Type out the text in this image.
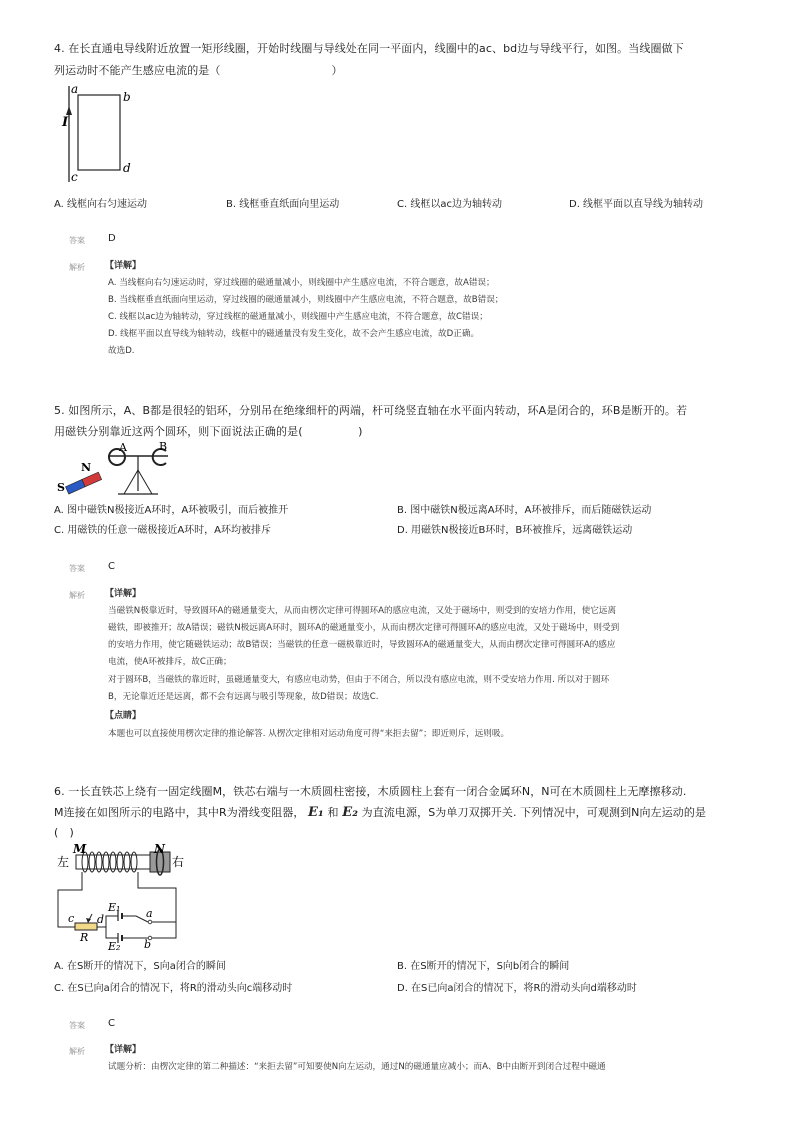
4. 在长直通电导线附近放置一矩形线圈，开始时线圈与导线处在同一平面内，线圈中的ac、bd边与导线平行，如图。当线圈做下
列运动时不能产生感应电流的是（　　　　　　　　　　）
I
a
b
c
d
A. 线框向右匀速运动	B. 线框垂直纸面向里运动	C. 线框以ac边为轴转动	D. 线框平面以直导线为轴转动
答案 D
解析 【详解】
A. 当线框向右匀速运动时，穿过线圈的磁通量减小，则线圈中产生感应电流，不符合题意，故A错误；
B. 当线框垂直纸面向里运动，穿过线圈的磁通量减小，则线圈中产生感应电流，不符合题意，故B错误；
C. 线框以ac边为轴转动，穿过线框的磁通量减小，则线圈中产生感应电流，不符合题意，故C错误；
D. 线框平面以直导线为轴转动，线框中的磁通量没有发生变化，故不会产生感应电流，故D正确。
故选D.
5. 如图所示，A、B都是很轻的铝环，分别吊在绝缘细杆的两端，杆可绕竖直轴在水平面内转动，环A是闭合的，环B是断开的。若
用磁铁分别靠近这两个圆环，则下面说法正确的是(　　　　　)
S
N
A	B
A. 图中磁铁N极接近A环时，A环被吸引，而后被推开	B. 图中磁铁N极远离A环时，A环被排斥，而后随磁铁运动
C. 用磁铁的任意一磁极接近A环时，A环均被排斥	D. 用磁铁N极接近B环时，B环被推斥，远离磁铁运动
答案 C
解析 【详解】
当磁铁N极靠近时，导致圆环A的磁通量变大，从而由楞次定律可得圆环A的感应电流，又处于磁场中，则受到的安培力作用，使它远离
磁铁，即被推开；故A错误；磁铁N极远离A环时，圆环A的磁通量变小，从而由楞次定律可得圆环A的感应电流，又处于磁场中，则受到
的安培力作用，使它随磁铁运动；故B错误；当磁铁的任意一磁极靠近时，导致圆环A的磁通量变大，从而由楞次定律可得圆环A的感应
电流，使A环被排斥，故C正确；
对于圆环B，当磁铁的靠近时，虽磁通量变大，有感应电动势，但由于不闭合，所以没有感应电流，则不受安培力作用. 所以对于圆环
B，无论靠近还是远离，都不会有远离与吸引等现象，故D错误；故选C.
【点睛】
本题也可以直接使用楞次定律的推论解答. 从楞次定律相对运动角度可得“来拒去留”；即近则斥，远则吸。
6. 一长直铁芯上绕有一固定线圈M，铁芯右端与一木质圆柱密接，木质圆柱上套有一闭合金属环N，N可在木质圆柱上无摩擦移动.
M连接在如图所示的电路中，其中R为滑线变阻器， E₁ 和 E₂ 为直流电源，S为单刀双掷开关. 下列情况中，可观测到N向左运动的是
(　)
左	右
M	N
c d
R
E₁
E₂
a
b
A. 在S断开的情况下，S向a闭合的瞬间	B. 在S断开的情况下，S向b闭合的瞬间
C. 在S已向a闭合的情况下，将R的滑动头向c端移动时	D. 在S已向a闭合的情况下，将R的滑动头向d端移动时
答案 C
解析 【详解】
试题分析：由楞次定律的第二种描述：“来拒去留”可知要使N向左运动，通过N的磁通量应减小；而A、B中由断开到闭合过程中磁通
